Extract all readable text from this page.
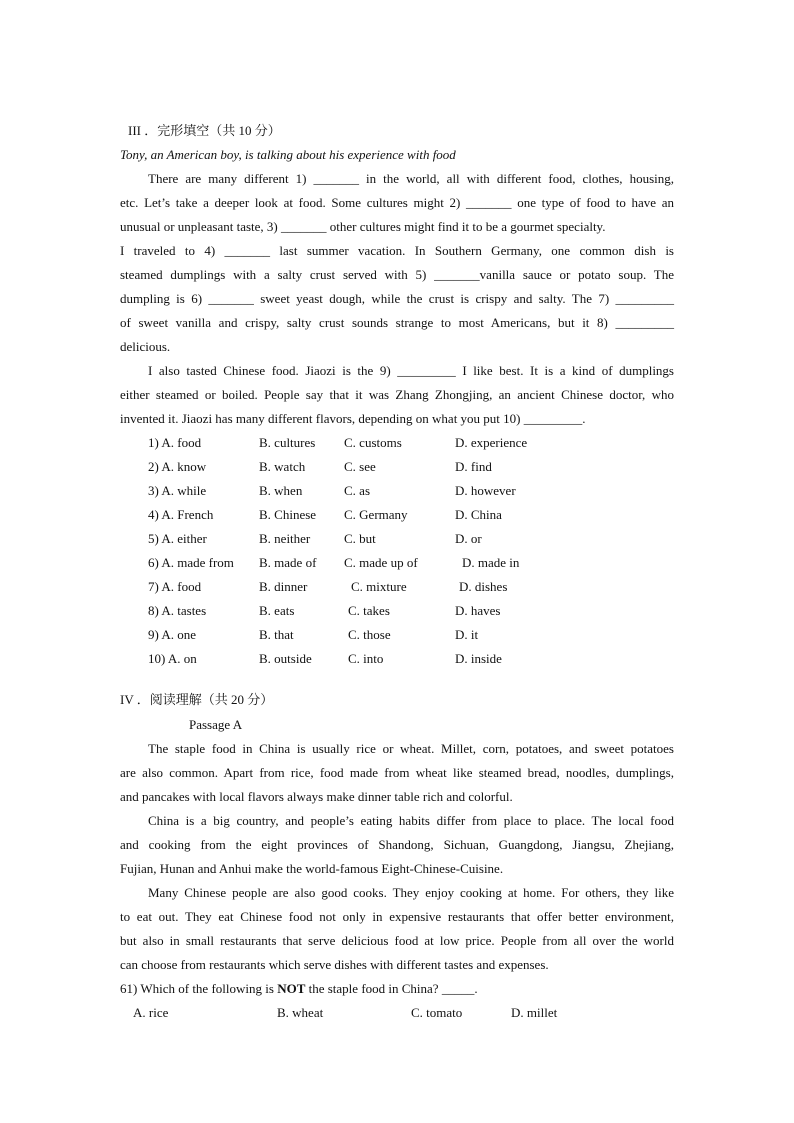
III ．完形填空（共 10 分）
Tony, an American boy, is talking about his experience with food
There are many different 1) _______ in the world, all with different food, clothes, housing,
etc. Let’s take a deeper look at food. Some cultures might 2) _______ one type of food to have an
unusual or unpleasant taste, 3) _______ other cultures might find it to be a gourmet specialty.
I traveled to 4) _______ last summer vacation. In Southern Germany, one common dish is
steamed dumplings with a salty crust served with 5) _______vanilla sauce or potato soup. The
dumpling is 6) _______ sweet yeast dough, while the crust is crispy and salty. The 7) _________
of sweet vanilla and crispy, salty crust sounds strange to most Americans, but it 8) _________
delicious.
I also tasted Chinese food. Jiaozi is the 9) _________ I like best. It is a kind of dumplings
either steamed or boiled. People say that it was Zhang Zhongjing, an ancient Chinese doctor, who
invented it. Jiaozi has many different flavors, depending on what you put 10) _________.
1) A. food	B. cultures C. customs	D. experience
2) A. know	B. watch	C. see	D. find
3) A. while	B. when	C. as	D. however
4) A. French	B. Chinese C. Germany	D. China
5) A. either	B. neither	C. but	D. or
6) A. made from B. made of C. made up of	D. made in
7) A. food	B. dinner	C. mixture	D. dishes
8) A. tastes	B. eats	C. takes	D. haves
9) A. one	B. that	C. those	D. it
10) A. on	B. outside	C. into	D. inside
IV ．阅读理解（共 20 分）
Passage A
The staple food in China is usually rice or wheat. Millet, corn, potatoes, and sweet potatoes
are also common. Apart from rice, food made from wheat like steamed bread, noodles, dumplings,
and pancakes with local flavors always make dinner table rich and colorful.
China is a big country, and people’s eating habits differ from place to place. The local food
and cooking from the eight provinces of Shandong, Sichuan, Guangdong, Jiangsu, Zhejiang,
Fujian, Hunan and Anhui make the world-famous Eight-Chinese-Cuisine.
Many Chinese people are also good cooks. They enjoy cooking at home. For others, they like
to eat out. They eat Chinese food not only in expensive restaurants that offer better environment,
but also in small restaurants that serve delicious food at low price. People from all over the world
can choose from restaurants which serve dishes with different tastes and expenses.
61) Which of the following is NOT the staple food in China? _____.
A. rice	B. wheat	C. tomato	D. millet
